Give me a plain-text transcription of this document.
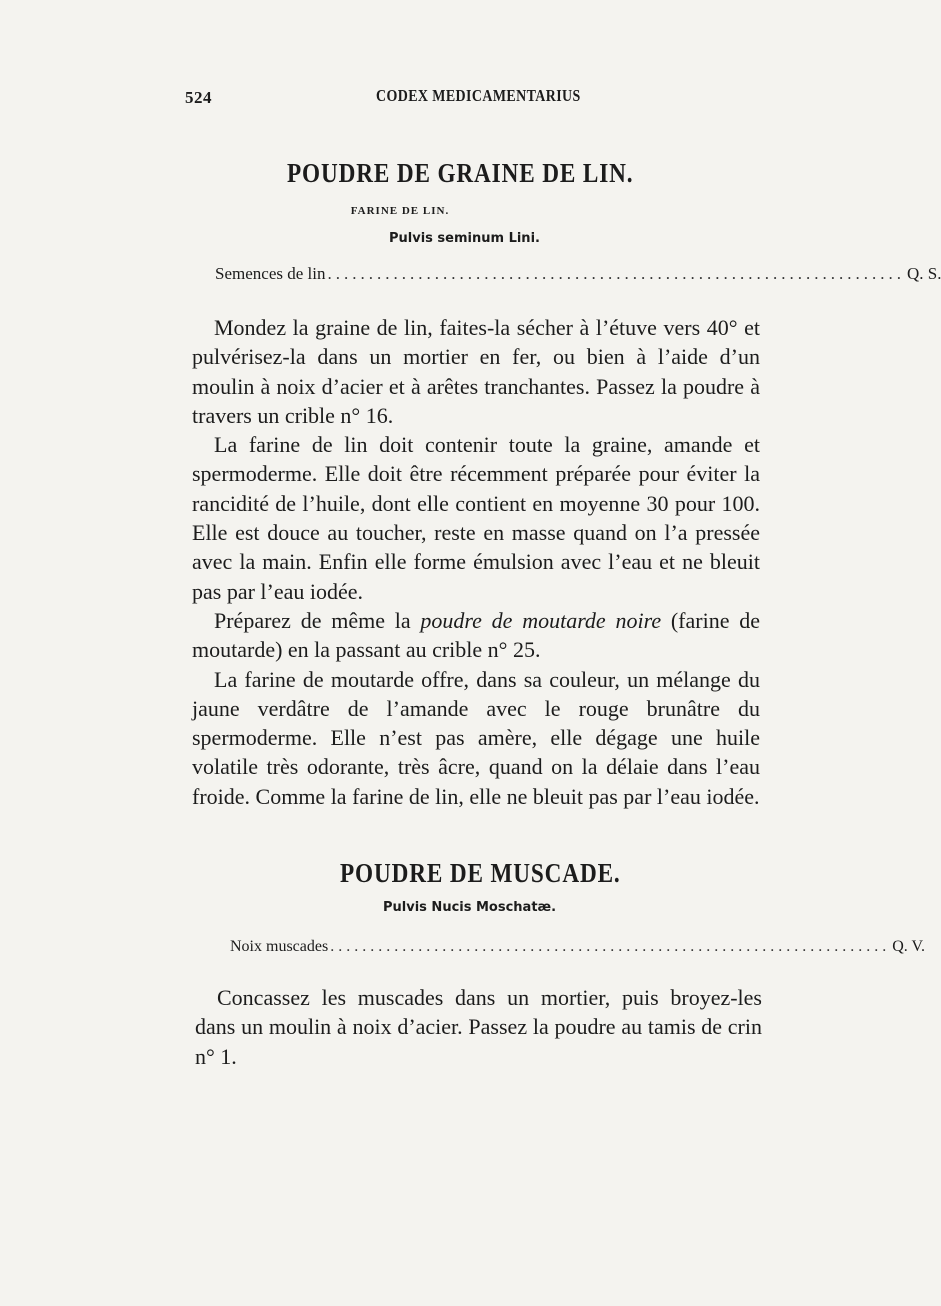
524	CODEX MEDICAMENTARIUS
POUDRE DE GRAINE DE LIN.
FARINE DE LIN.
Pulvis seminum Lini.
Semences de lin ...................................................................... Q. S.

Mondez la graine de lin, faites-la sécher à l’étuve vers 40° et pulvérisez-la dans un mortier en fer, ou bien à l’aide d’un moulin à noix d’acier et à arêtes tranchantes. Passez la poudre à travers un crible n° 16.

La farine de lin doit contenir toute la graine, amande et spermoderme. Elle doit être récemment préparée pour éviter la rancidité de l’huile, dont elle contient en moyenne 30 pour 100. Elle est douce au toucher, reste en masse quand on l’a pressée avec la main. Enfin elle forme émulsion avec l’eau et ne bleuit pas par l’eau iodée.

Préparez de même la poudre de moutarde noire (farine de moutarde) en la passant au crible n° 25.

La farine de moutarde offre, dans sa couleur, un mélange du jaune verdâtre de l’amande avec le rouge brunâtre du spermoderme. Elle n’est pas amère, elle dégage une huile volatile très odorante, très âcre, quand on la délaie dans l’eau froide. Comme la farine de lin, elle ne bleuit pas par l’eau iodée.

POUDRE DE MUSCADE.
Pulvis Nucis Moschatæ.
Noix muscades ...................................................................... Q. V.

Concassez les muscades dans un mortier, puis broyez-les dans un moulin à noix d’acier. Passez la poudre au tamis de crin n° 1.
